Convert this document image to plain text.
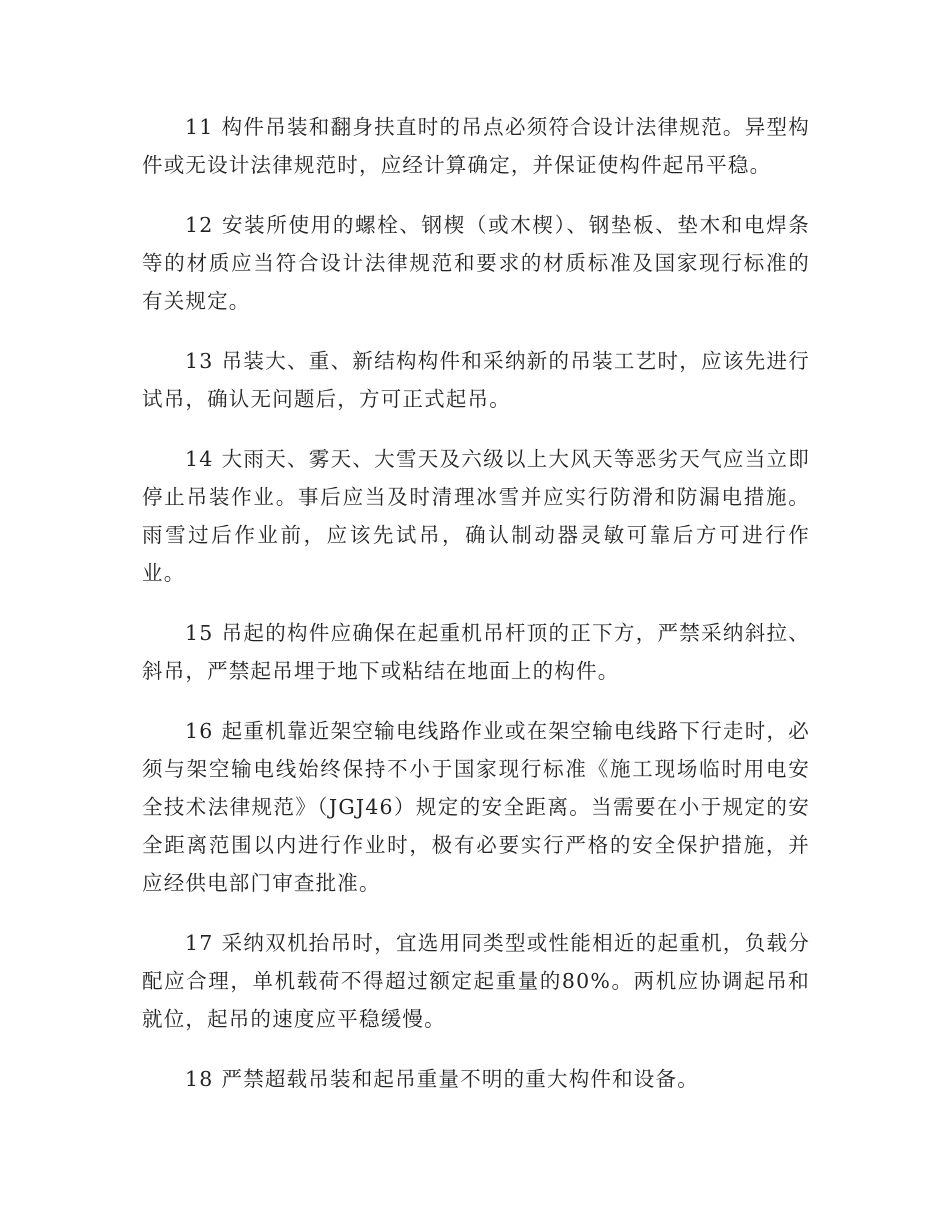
11 构件吊装和翻身扶直时的吊点必须符合设计法律规范。异型构件或无设计法律规范时，应经计算确定，并保证使构件起吊平稳。

12 安装所使用的螺栓、钢楔（或木楔）、钢垫板、垫木和电焊条等的材质应当符合设计法律规范和要求的材质标准及国家现行标准的有关规定。

13 吊装大、重、新结构构件和采纳新的吊装工艺时，应该先进行试吊，确认无问题后，方可正式起吊。

14 大雨天、雾天、大雪天及六级以上大风天等恶劣天气应当立即停止吊装作业。事后应当及时清理冰雪并应实行防滑和防漏电措施。雨雪过后作业前，应该先试吊，确认制动器灵敏可靠后方可进行作业。

15 吊起的构件应确保在起重机吊杆顶的正下方，严禁采纳斜拉、斜吊，严禁起吊埋于地下或粘结在地面上的构件。

16 起重机靠近架空输电线路作业或在架空输电线路下行走时，必须与架空输电线始终保持不小于国家现行标准《施工现场临时用电安全技术法律规范》（JGJ46）规定的安全距离。当需要在小于规定的安全距离范围以内进行作业时，极有必要实行严格的安全保护措施，并应经供电部门审查批准。

17 采纳双机抬吊时，宜选用同类型或性能相近的起重机，负载分配应合理，单机载荷不得超过额定起重量的80%。两机应协调起吊和就位，起吊的速度应平稳缓慢。

18 严禁超载吊装和起吊重量不明的重大构件和设备。
